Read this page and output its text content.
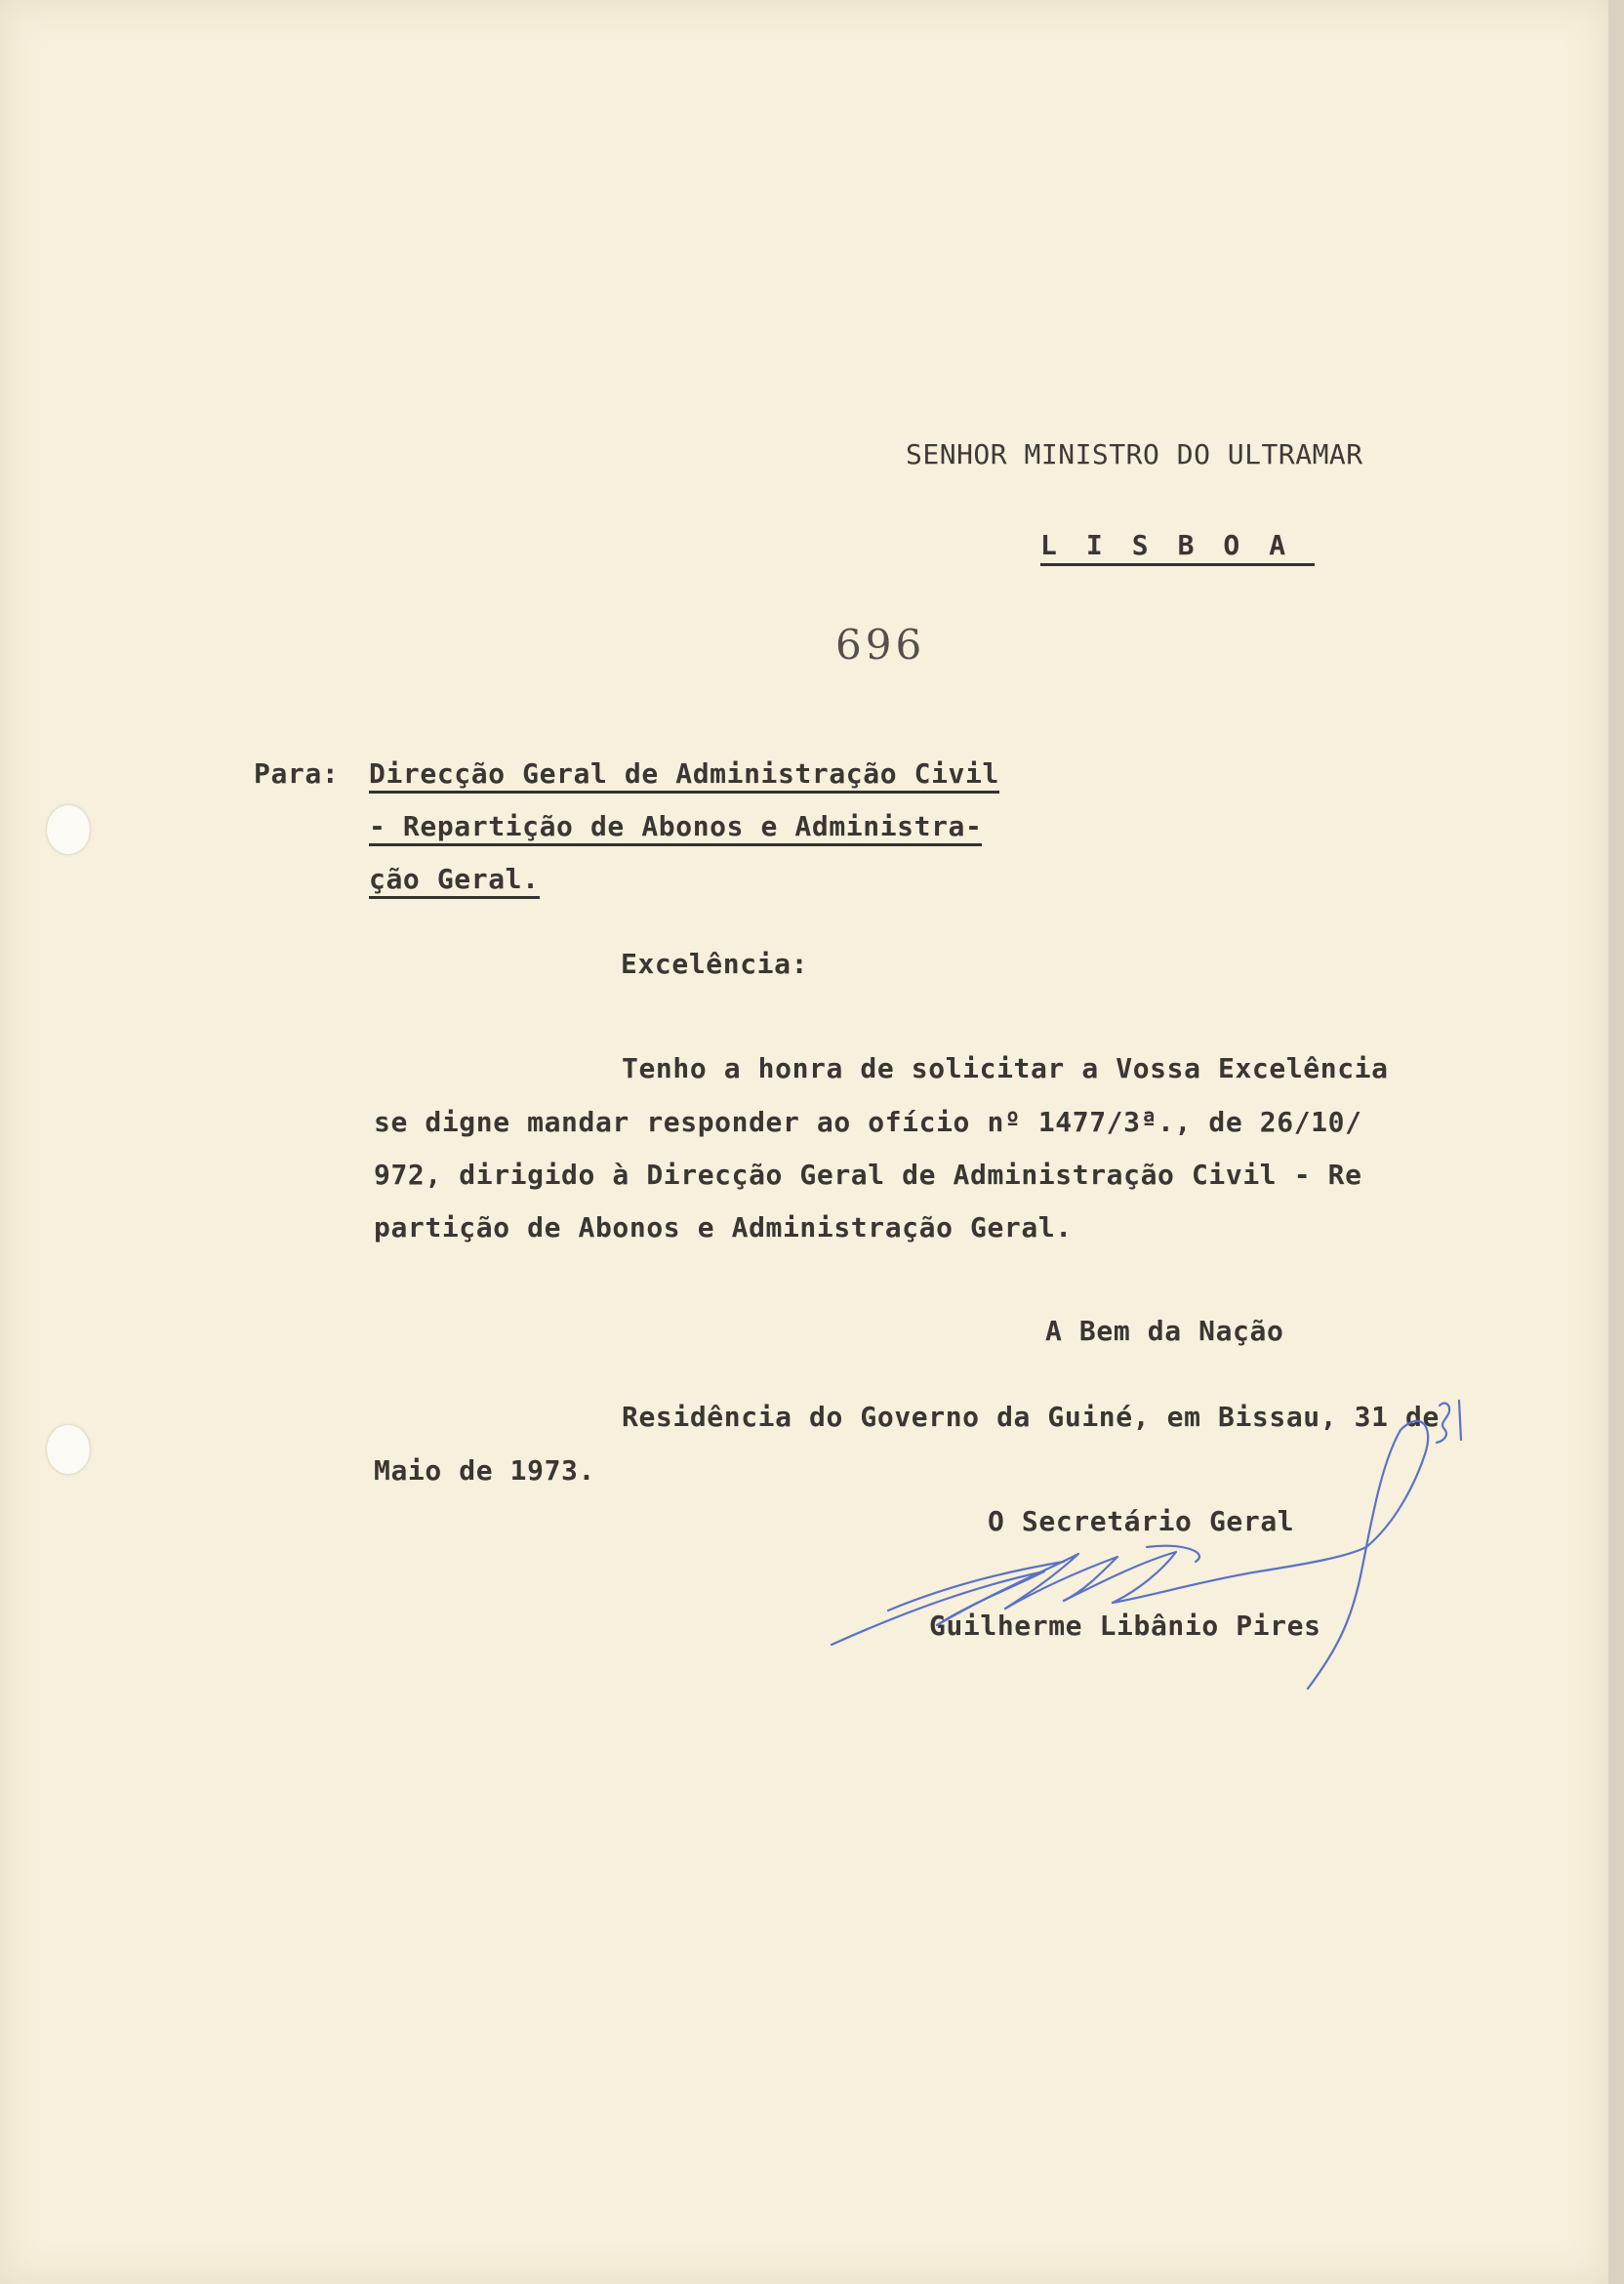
SENHOR MINISTRO DO ULTRAMAR

LISBOA

696

Para: Direcção Geral de Administração Civil

- Repartição de Abonos e Administra-

ção Geral.

Excelência:

Tenho a honra de solicitar a Vossa Excelência

se digne mandar responder ao ofício nº 1477/3ª., de 26/10/

972, dirigido à Direcção Geral de Administração Civil - Re

partição de Abonos e Administração Geral.

A Bem da Nação

Residência do Governo da Guiné, em Bissau, 31 de

Maio de 1973.

O Secretário Geral

Guilherme Libânio Pires
